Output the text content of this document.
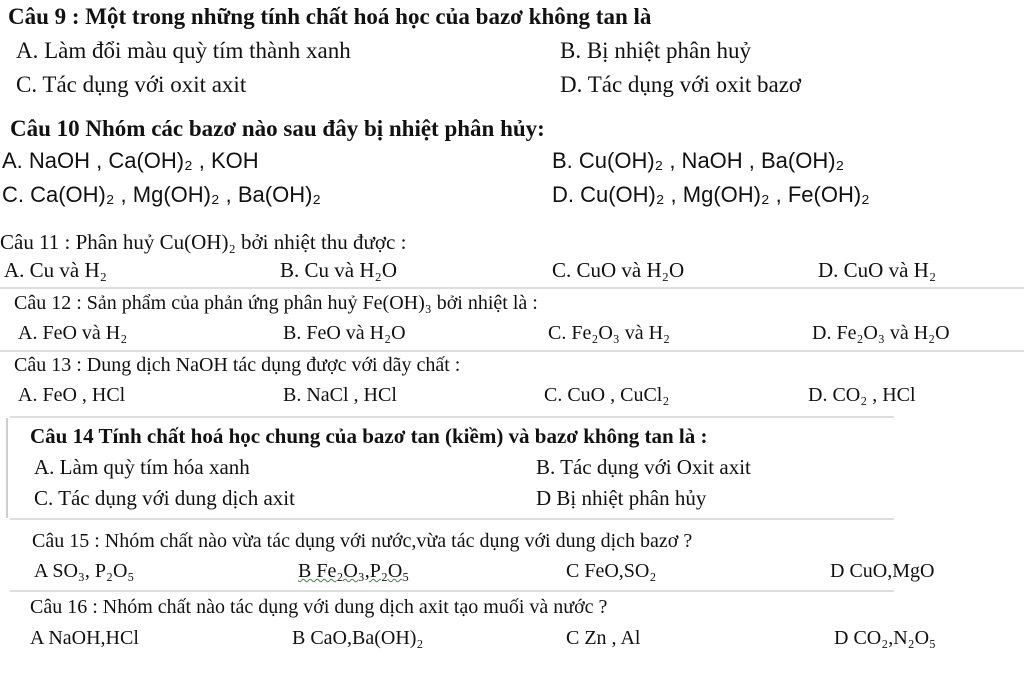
Câu 9 : Một trong những tính chất hoá học của bazơ không tan là
A. Làm đổi màu quỳ tím thành xanh	B. Bị nhiệt phân huỷ
C. Tác dụng với oxit axit	D. Tác dụng với oxit bazơ
Câu 10 Nhóm các bazơ nào sau đây bị nhiệt phân hủy:
A. NaOH , Ca(OH)₂ , KOH	B. Cu(OH)₂ , NaOH , Ba(OH)₂
C. Ca(OH)₂ , Mg(OH)₂ , Ba(OH)₂	D. Cu(OH)₂ , Mg(OH)₂ , Fe(OH)₂
Câu 11 : Phân huỷ Cu(OH)₂ bởi nhiệt thu được :
A. Cu và H₂	B. Cu và H₂O	C. CuO và H₂O	D. CuO và H₂
Câu 12 : Sản phẩm của phản ứng phân huỷ Fe(OH)₃ bởi nhiệt là :
A. FeO và H₂	B. FeO và H₂O	C. Fe₂O₃ và H₂	D. Fe₂O₃ và H₂O
Câu 13 : Dung dịch NaOH tác dụng được với dãy chất :
A. FeO , HCl	B. NaCl , HCl	C. CuO , CuCl₂	D. CO₂ , HCl
Câu 14 Tính chất hoá học chung của bazơ tan (kiềm) và bazơ không tan là :
A. Làm quỳ tím hóa xanh	B. Tác dụng với Oxit axit
C. Tác dụng với dung dịch axit	D Bị nhiệt phân hủy
Câu 15 : Nhóm chất nào vừa tác dụng với nước,vừa tác dụng với dung dịch bazơ ?
A SO₃, P₂O₅	B Fe₂O₃,P₂O₅	C FeO,SO₂	D CuO,MgO
Câu 16 : Nhóm chất nào tác dụng với dung dịch axit tạo muối và nước ?
A NaOH,HCl	B CaO,Ba(OH)₂	C Zn , Al	D CO₂,N₂O₅
